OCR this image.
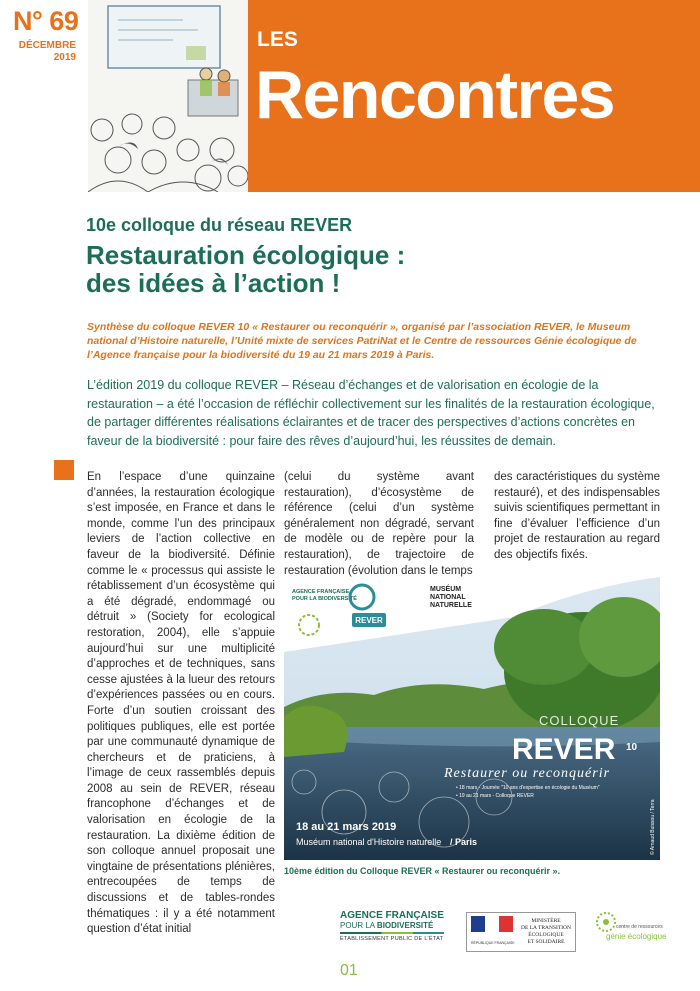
N° 69
DÉCEMBRE
2019
LES
Rencontres
10e colloque du réseau REVER
Restauration écologique :
des idées à l’action !
Synthèse du colloque REVER 10 « Restaurer ou reconquérir », organisé par l’association REVER, le Museum national d’Histoire naturelle, l’Unité mixte de services PatriNat et le Centre de ressources Génie écologique de l’Agence française pour la biodiversité du 19 au 21 mars 2019 à Paris.
L’édition 2019 du colloque REVER – Réseau d’échanges et de valorisation en écologie de la restauration – a été l’occasion de réfléchir collectivement sur les finalités de la restauration écologique, de partager différentes réalisations éclairantes et de tracer des perspectives d’actions concrètes en faveur de la biodiversité : pour faire des rêves d’aujourd’hui, les réussites de demain.
En l’espace d’une quinzaine d’années, la restauration écologique s’est imposée, en France et dans le monde, comme l’un des principaux leviers de l’action collective en faveur de la biodiversité. Définie comme le « processus qui assiste le rétablissement d’un écosystème qui a été dégradé, endommagé ou détruit » (Society for ecological restoration, 2004), elle s’appuie aujourd’hui sur une multiplicité d’approches et de techniques, sans cesse ajustées à la lueur des retours d’expériences passées ou en cours. Forte d’un soutien croissant des politiques publiques, elle est portée par une communauté dynamique de chercheurs et de praticiens, à l’image de ceux rassemblés depuis 2008 au sein de REVER, réseau francophone d’échanges et de valorisation en écologie de la restauration. La dixième édition de son colloque annuel proposait une vingtaine de présentations plénières, entrecoupées de temps de discussions et de tables-rondes thématiques : il y a été notamment question d’état initial
(celui du système avant restauration), d’écosystème de référence (celui d’un système généralement non dégradé, servant de modèle ou de repère pour la restauration), de trajectoire de restauration (évolution dans le temps
des caractéristiques du système restauré), et des indispensables suivis scientifiques permettant in fine d’évaluer l’efficience d’un projet de restauration au regard des objectifs fixés.
AGENCE FRANÇAISE POUR LA BIODIVERSITÉ
REVER
MUSÉUM NATIONAL NATURELLE
COLLOQUE
REVER 10
Restaurer ou reconquérir
• 18 mars - Journée "10 ans d'expertise en écologie du Muséum"
• 19 au 21 mars - Colloque REVER
18 au 21 mars 2019
Muséum national d'Histoire naturelle / Paris	© Arnaud Buissou / Terra
10ème édition du Colloque REVER « Restaurer ou reconquérir ».
AGENCE FRANÇAISE
POUR LA BIODIVERSITÉ
ÉTABLISSEMENT PUBLIC DE L’ÉTAT
RÉPUBLIQUE FRANÇAISE
MINISTÈRE
DE LA TRANSITION
ÉCOLOGIQUE
ET SOLIDAIRE
centre de ressources
génie écologique
01
